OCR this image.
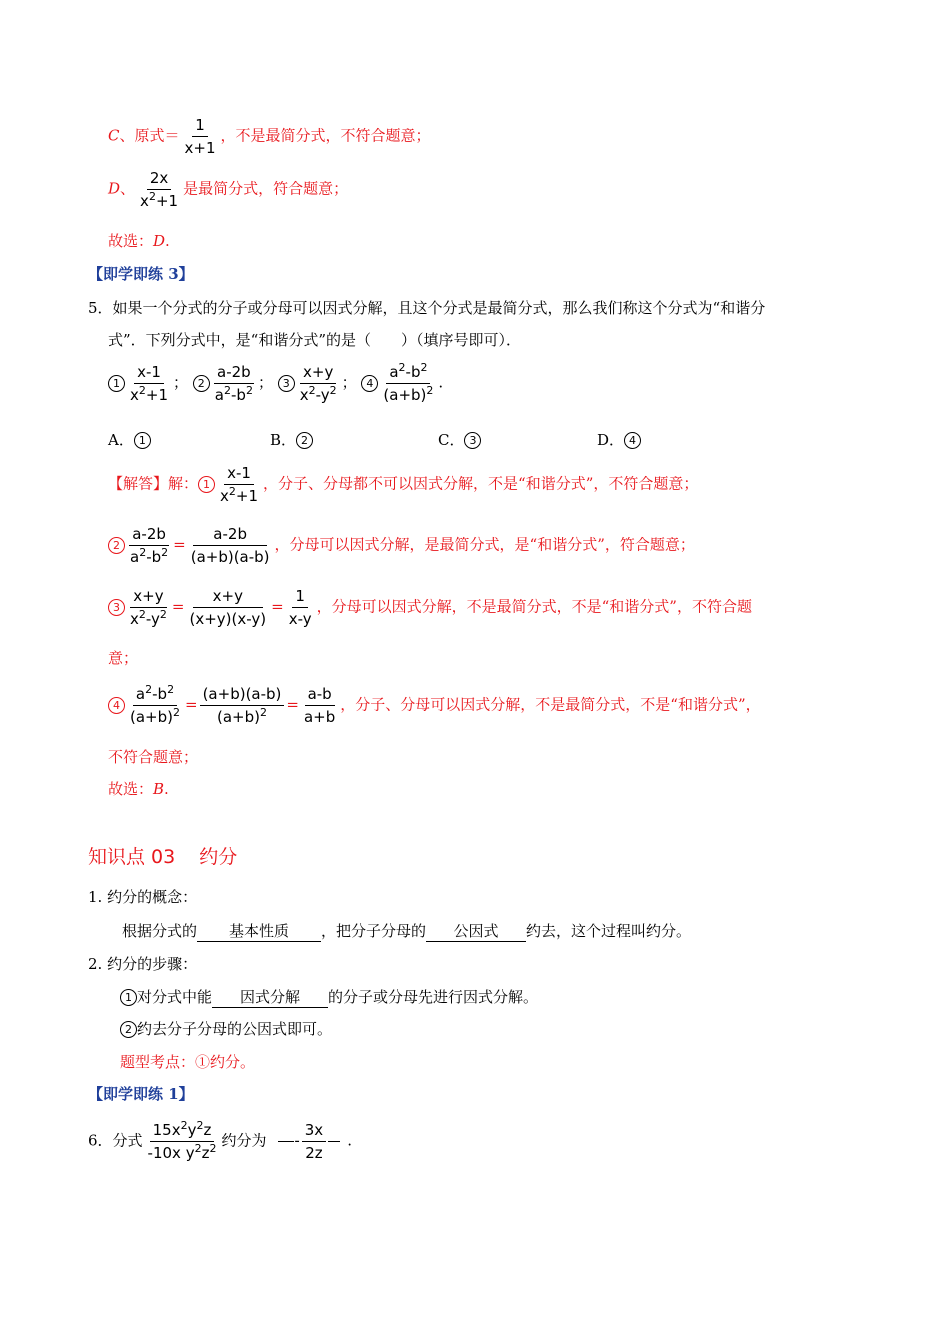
C、原式＝ $\frac{1}{x+1}$ ，不是最简分式，不符合题意；
D、 $\frac{2x}{x^2+1}$ 是最简分式，符合题意；
故选：D.
【即学即练 3】
5．如果一个分式的分子或分母可以因式分解，且这个分式是最简分式，那么我们称这个分式为“和谐分
式”．下列分式中，是“和谐分式”的是（　　）（填序号即可）．
$1 \frac{x-1}{x^2+1}$ ； $2 \frac{a-2b}{a^2-b^2}$ ； $3 \frac{x+y}{x^2-y^2}$ ； $4 \frac{a^2-b^2}{(a+b)^2}$ .
A． 1	B． 2	C． 3	D． 4
【解答】解： $1 \frac{x-1}{x^2+1}$ ，分子、分母都不可以因式分解，不是“和谐分式”，不符合题意；
$2 \frac{a-2b}{a^2-b^2} = \frac{a-2b}{(a+b)(a-b)}$ ，分母可以因式分解，是最简分式，是“和谐分式”，符合题意；
$3 \frac{x+y}{x^2-y^2} = \frac{x+y}{(x+y)(x-y)} = \frac{1}{x-y}$ ，分母可以因式分解，不是最简分式，不是“和谐分式”，不符合题
意；
$4 \frac{a^2-b^2}{(a+b)^2} = \frac{(a+b)(a-b)}{(a+b)^2} = \frac{a-b}{a+b}$ ，分子、分母可以因式分解，不是最简分式，不是“和谐分式”，
不符合题意；
故选：B.
知识点 03 约分
1. 约分的概念：
根据分式的 基本性质 ，把分子分母的 公因式 约去，这个过程叫约分。
2. 约分的步骤：
1 对分式中能 因式分解 的分子或分母先进行因式分解。
2 约去分子分母的公因式即可。
题型考点：①约分。
【即学即练 1】
6．分式 $\frac{15x^2y^2z}{-10x y^2z^2}$ 约分为 - $\frac{3x}{2z}$ .
